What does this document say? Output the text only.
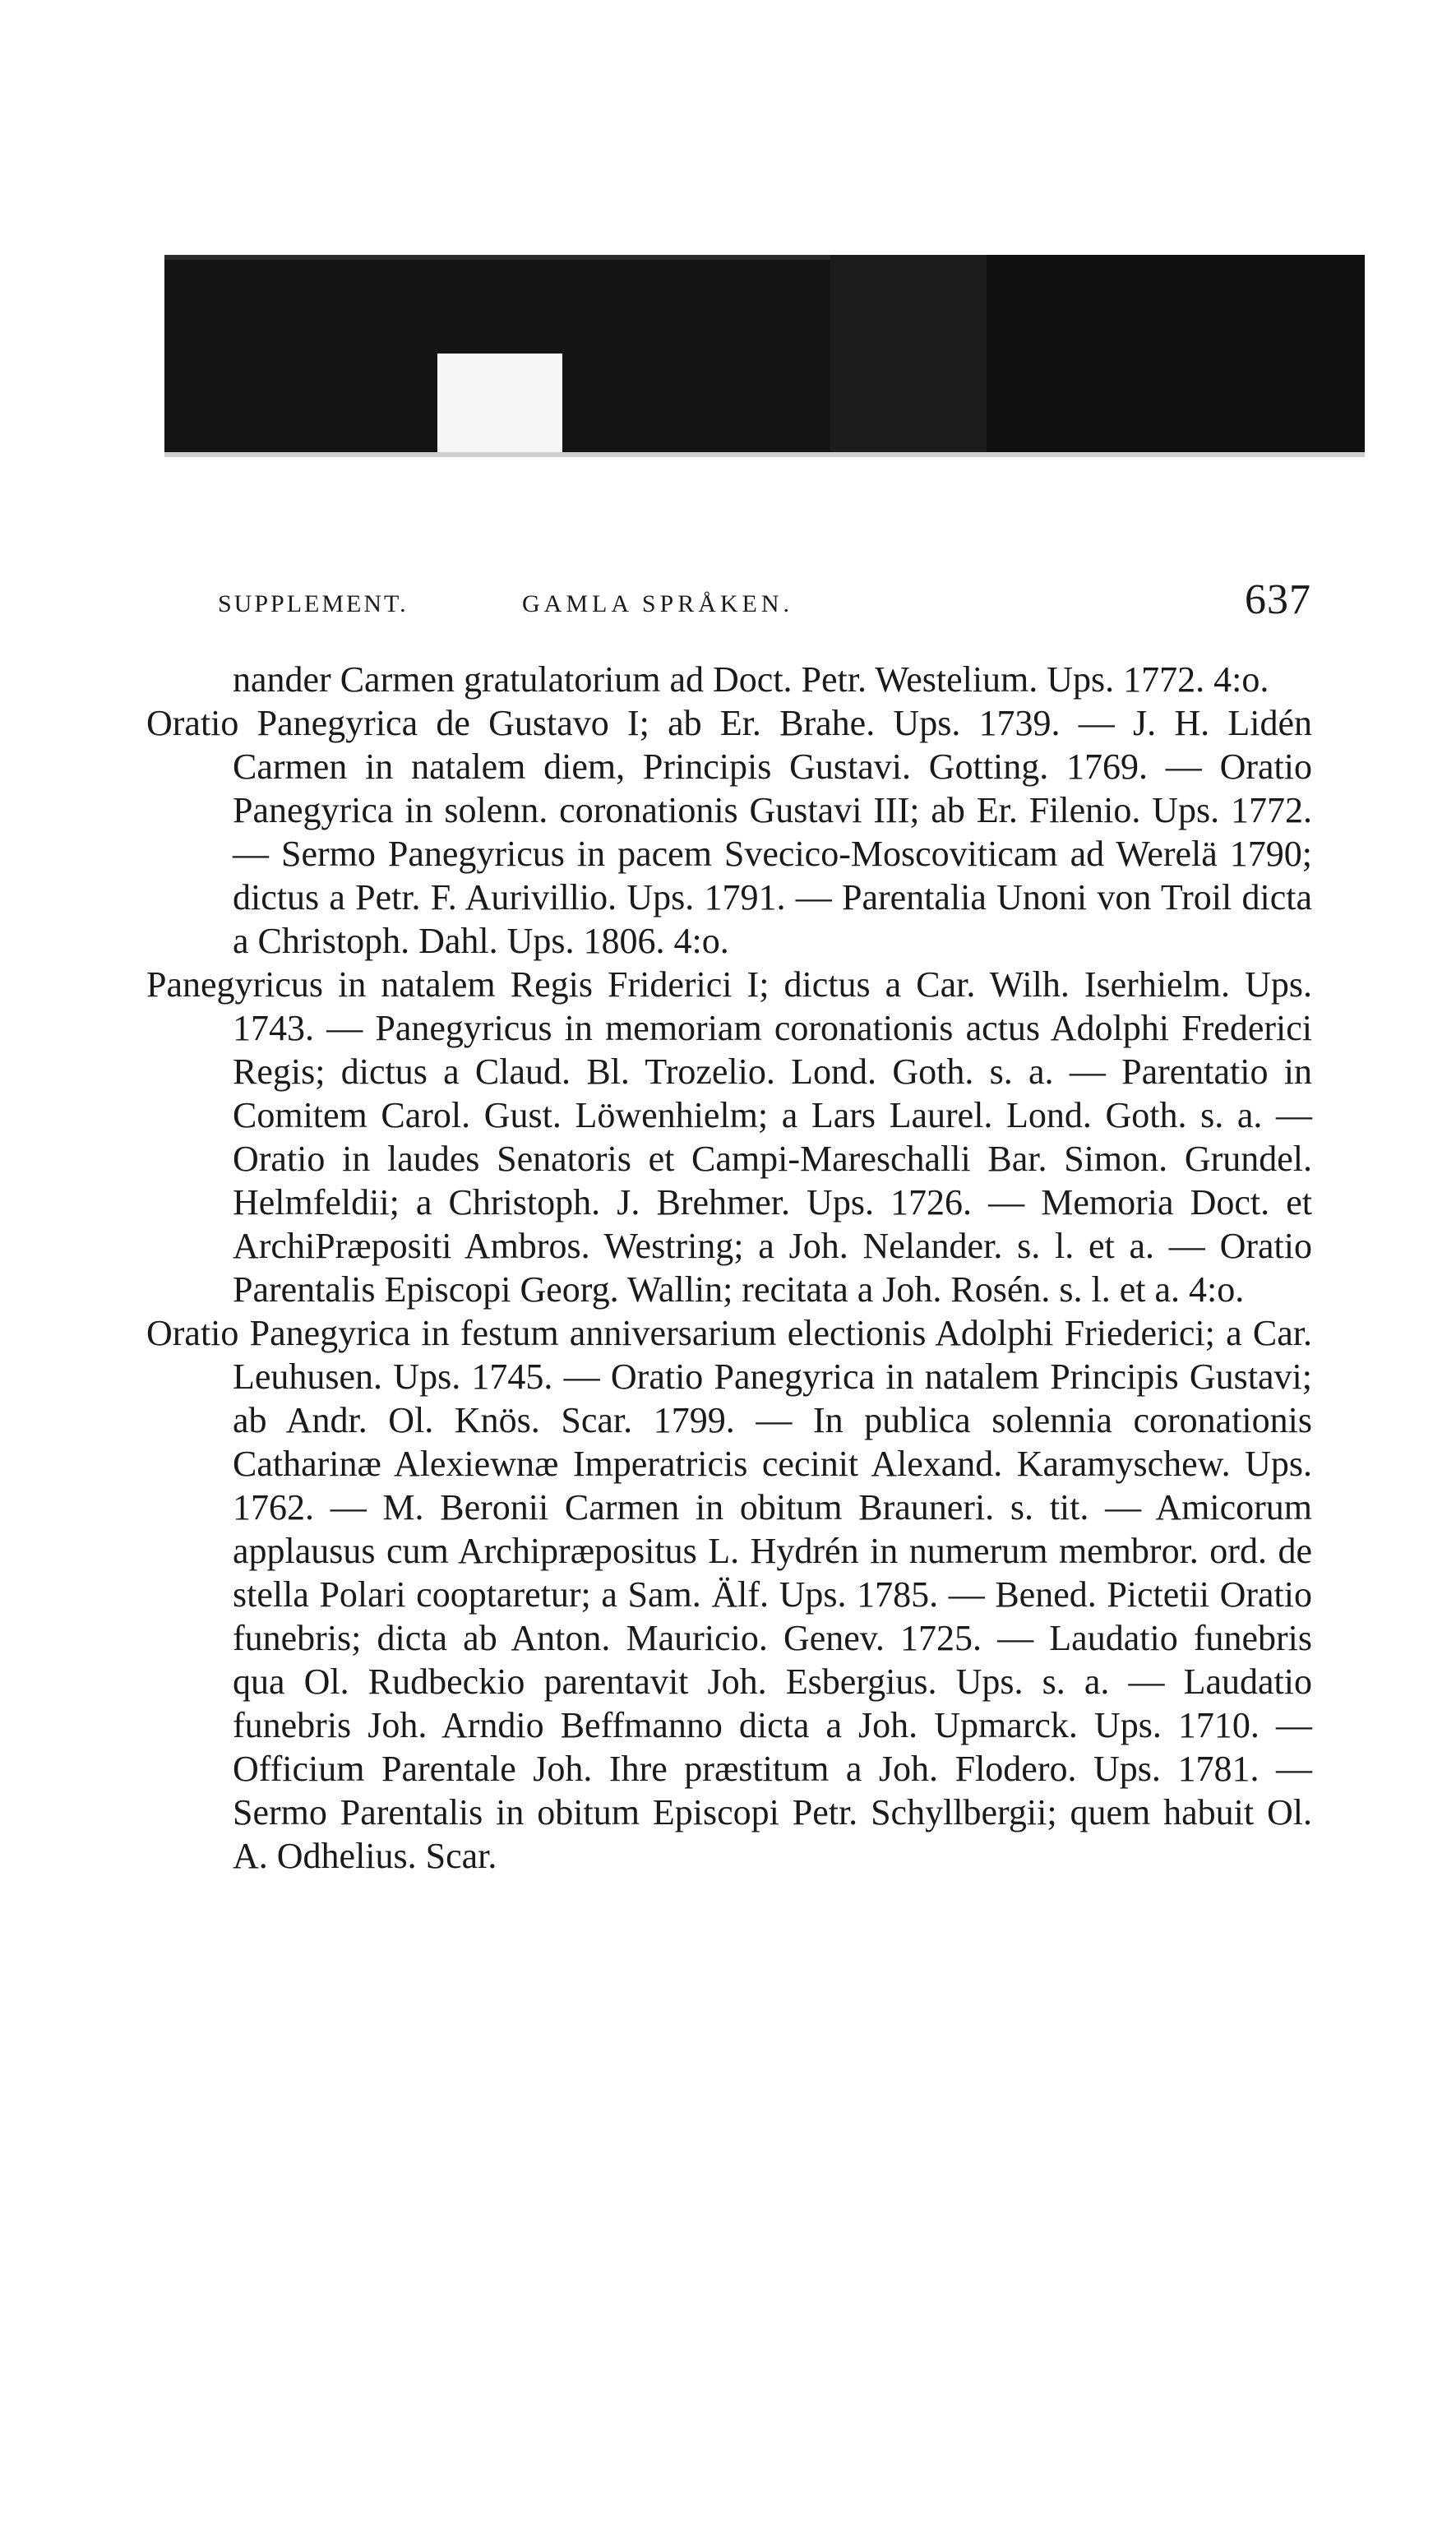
SUPPLEMENT.	GAMLA SPRÅKEN.	637

nander Carmen gratulatorium ad Doct. Petr. Westelium. Ups. 1772. 4:o.

Oratio Panegyrica de Gustavo I; ab Er. Brahe. Ups. 1739. — J. H. Lidén Carmen in natalem diem, Principis Gustavi. Gotting. 1769. — Oratio Panegyrica in solenn. coronationis Gustavi III; ab Er. Filenio. Ups. 1772. — Sermo Panegyricus in pacem Svecico-Moscoviticam ad Werelä 1790; dictus a Petr. F. Aurivillio. Ups. 1791. — Parentalia Unoni von Troil dicta a Christoph. Dahl. Ups. 1806. 4:o.

Panegyricus in natalem Regis Friderici I; dictus a Car. Wilh. Iserhielm. Ups. 1743. — Panegyricus in memoriam coronationis actus Adolphi Frederici Regis; dictus a Claud. Bl. Trozelio. Lond. Goth. s. a. — Parentatio in Comitem Carol. Gust. Löwenhielm; a Lars Laurel. Lond. Goth. s. a. — Oratio in laudes Senatoris et Campi-Mareschalli Bar. Simon. Grundel. Helmfeldii; a Christoph. J. Brehmer. Ups. 1726. — Memoria Doct. et ArchiPræpositi Ambros. Westring; a Joh. Nelander. s. l. et a. — Oratio Parentalis Episcopi Georg. Wallin; recitata a Joh. Rosén. s. l. et a. 4:o.

Oratio Panegyrica in festum anniversarium electionis Adolphi Friederici; a Car. Leuhusen. Ups. 1745. — Oratio Panegyrica in natalem Principis Gustavi; ab Andr. Ol. Knös. Scar. 1799. — In publica solennia coronationis Catharinæ Alexiewnæ Imperatricis cecinit Alexand. Karamyschew. Ups. 1762. — M. Beronii Carmen in obitum Brauneri. s. tit. — Amicorum applausus cum Archipræpositus L. Hydrén in numerum membror. ord. de stella Polari cooptaretur; a Sam. Älf. Ups. 1785. — Bened. Pictetii Oratio funebris; dicta ab Anton. Mauricio. Genev. 1725. — Laudatio funebris qua Ol. Rudbeckio parentavit Joh. Esbergius. Ups. s. a. — Laudatio funebris Joh. Arndio Beffmanno dicta a Joh. Upmarck. Ups. 1710. — Officium Parentale Joh. Ihre præstitum a Joh. Flodero. Ups. 1781. — Sermo Parentalis in obitum Episcopi Petr. Schyllbergii; quem habuit Ol. A. Odhelius. Scar.
